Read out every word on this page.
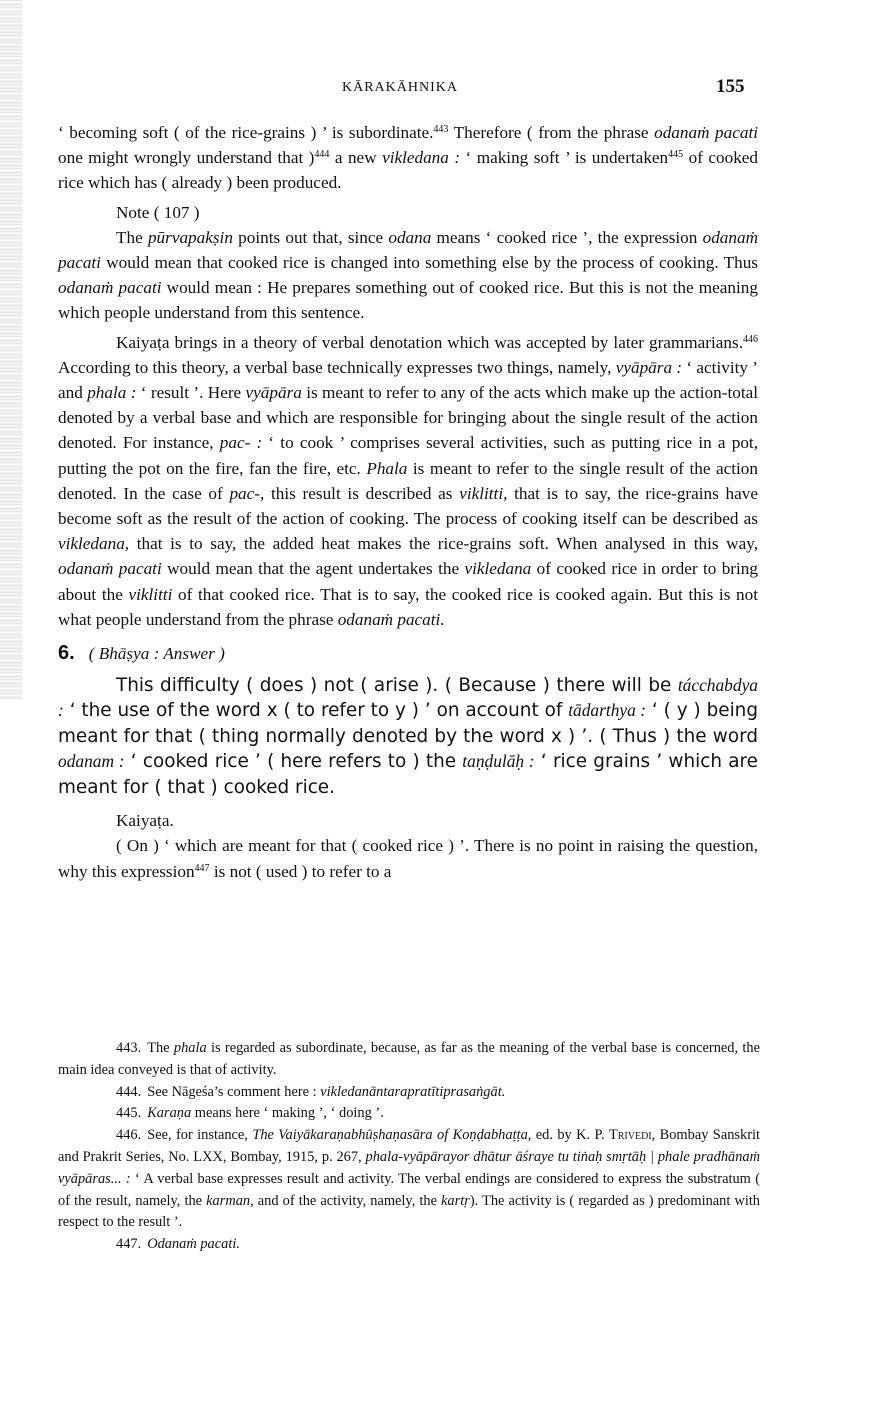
KĀRAKĀHNIKA	155

‘ becoming soft ( of the rice-grains ) ’ is subordinate.$^{443}$ Therefore ( from the phrase odanaṁ pacati one might wrongly understand that )$^{444}$ a new vikledana : ‘ making soft ’ is undertaken$^{445}$ of cooked rice which has ( already ) been produced.

Note ( 107 )

The pūrvapakṣin points out that, since odana means ‘ cooked rice ’, the expression odanaṁ pacati would mean that cooked rice is changed into something else by the process of cooking. Thus odanaṁ pacati would mean : He prepares something out of cooked rice. But this is not the meaning which people understand from this sentence.

Kaiyaṭa brings in a theory of verbal denotation which was accepted by later grammarians.$^{446}$ According to this theory, a verbal base technically expresses two things, namely, vyāpāra : ‘ activity ’ and phala : ‘ result ’. Here vyāpāra is meant to refer to any of the acts which make up the action-total denoted by a verbal base and which are responsible for bringing about the single result of the action denoted. For instance, pac- : ‘ to cook ’ comprises several activities, such as putting rice in a pot, putting the pot on the fire, fan the fire, etc. Phala is meant to refer to the single result of the action denoted. In the case of pac-, this result is described as viklitti, that is to say, the rice-grains have become soft as the result of the action of cooking. The process of cooking itself can be described as vikledana, that is to say, the added heat makes the rice-grains soft. When analysed in this way, odanaṁ pacati would mean that the agent undertakes the vikledana of cooked rice in order to bring about the viklitti of that cooked rice. That is to say, the cooked rice is cooked again. But this is not what people understand from the phrase odanaṁ pacati.

6. ( Bhāṣya : Answer )

This difficulty ( does ) not ( arise ). ( Because ) there will be tácchabdya : ‘ the use of the word x ( to refer to y ) ’ on account of tādarthya : ‘ ( y ) being meant for that ( thing normally denoted by the word x ) ’. ( Thus ) the word odanam : ‘ cooked rice ’ ( here refers to ) the taṇḍulāḥ : ‘ rice grains ’ which are meant for ( that ) cooked rice.

Kaiyaṭa.

( On ) ‘ which are meant for that ( cooked rice ) ’. There is no point in raising the question, why this expression$^{447}$ is not ( used ) to refer to a

443. The phala is regarded as subordinate, because, as far as the meaning of the verbal base is concerned, the main idea conveyed is that of activity.

444. See Nāgeśa’s comment here : vikledanāntarapratītiprasaṅgāt.

445. Karaṇa means here ‘ making ’, ‘ doing ’.

446. See, for instance, The Vaiyākaraṇabhūṣhaṇasāra of Koṇḍabhaṭṭa, ed. by K. P. Trivedi, Bombay Sanskrit and Prakrit Series, No. LXX, Bombay, 1915, p. 267, phala-vyāpārayor dhātur āśraye tu tiṅaḥ smṛtāḥ | phale pradhānaṁ vyāpāras... : ‘ A verbal base expresses result and activity. The verbal endings are considered to express the substratum ( of the result, namely, the karman, and of the activity, namely, the kartṛ). The activity is ( regarded as ) predominant with respect to the result ’.

447. Odanaṁ pacati.
